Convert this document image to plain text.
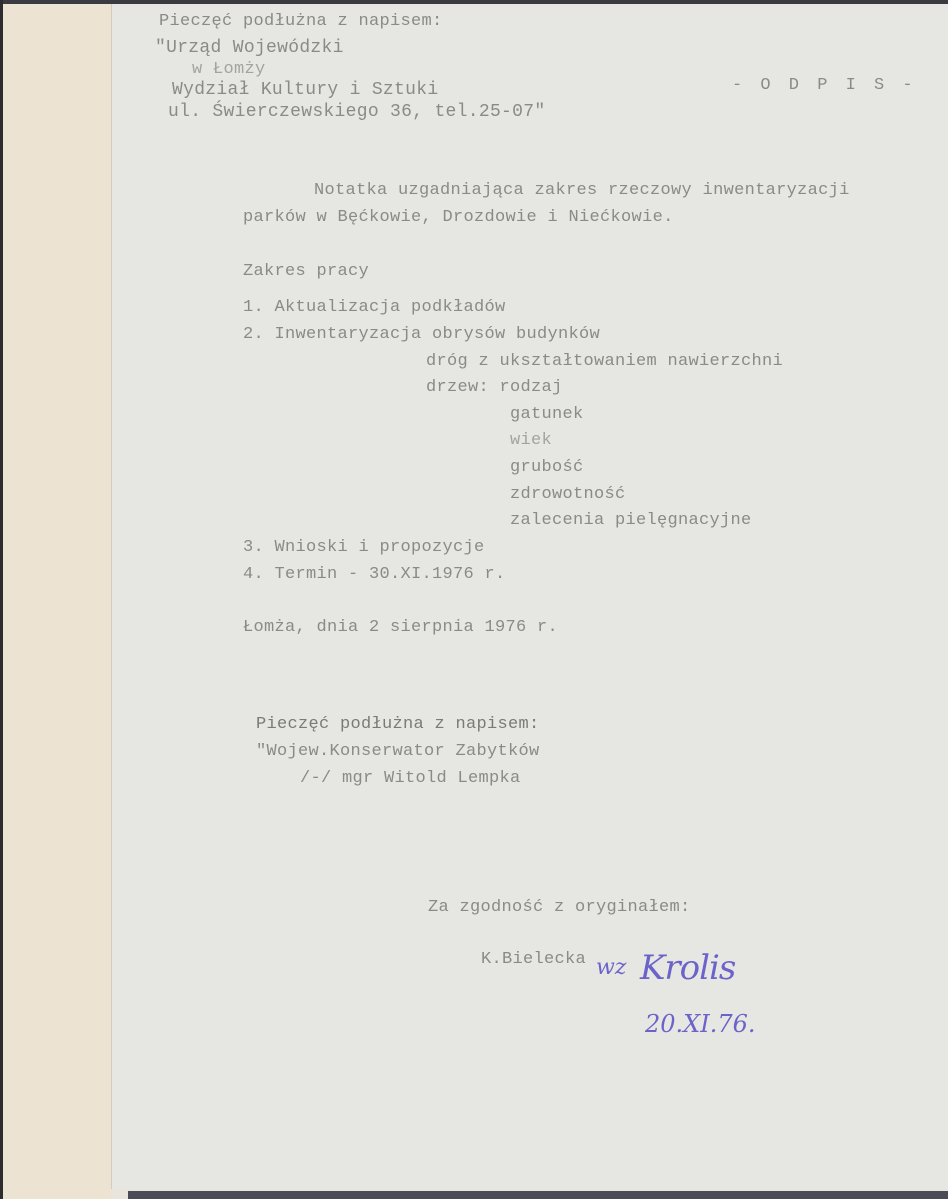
Pieczęć podłużna z napisem:
"Urząd Wojewódzki
w Łomży
Wydział Kultury i Sztuki
ul. Świerczewskiego 36, tel.25-07"
- O D P I S -
Notatka uzgadniająca zakres rzeczowy inwentaryzacji
parków w Bęćkowie, Drozdowie i Niećkowie.
Zakres pracy
1. Aktualizacja podkładów
2. Inwentaryzacja obrysów budynków
dróg z ukształtowaniem nawierzchni
drzew: rodzaj
gatunek
wiek
grubość
zdrowotność
zalecenia pielęgnacyjne
3. Wnioski i propozycje
4. Termin - 30.XI.1976 r.
Łomża, dnia 2 sierpnia 1976 r.
Pieczęć podłużna z napisem:
"Wojew.Konserwator Zabytków
/-/ mgr Witold Lempka
Za zgodność z oryginałem:
K.Bielecka wz Krolis
20.XI.76.
